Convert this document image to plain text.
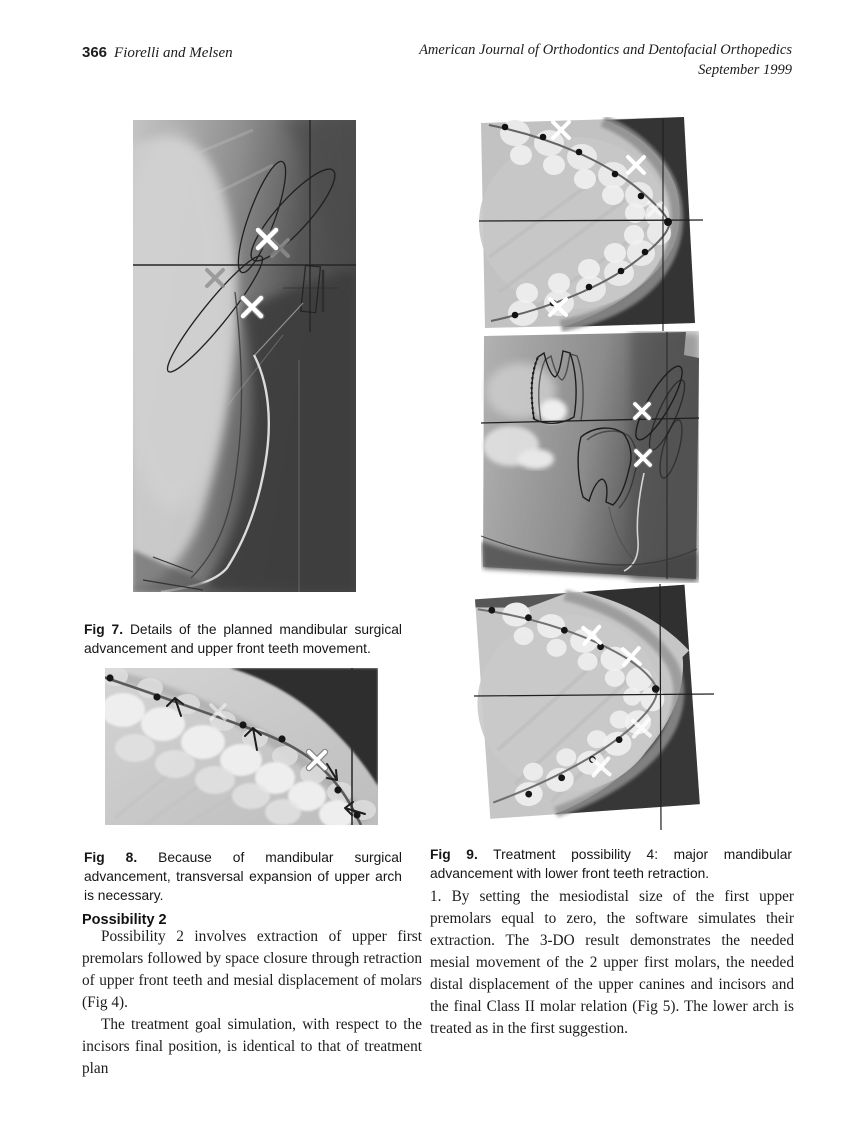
366 Fiorelli and Melsen	American Journal of Orthodontics and Dentofacial Orthopedics
September 1999

Fig 7. Details of the planned mandibular surgical advancement and upper front teeth movement.

Fig 8. Because of mandibular surgical advancement, transversal expansion of upper arch is necessary.

Fig 9. Treatment possibility 4: major mandibular advancement with lower front teeth retraction.

Possibility 2

Possibility 2 involves extraction of upper first premolars followed by space closure through retraction of upper front teeth and mesial displacement of molars (Fig 4).

The treatment goal simulation, with respect to the incisors final position, is identical to that of treatment plan

1. By setting the mesiodistal size of the first upper premolars equal to zero, the software simulates their extraction. The 3-DO result demonstrates the needed mesial movement of the 2 upper first molars, the needed distal displacement of the upper canines and incisors and the final Class II molar relation (Fig 5). The lower arch is treated as in the first suggestion.
